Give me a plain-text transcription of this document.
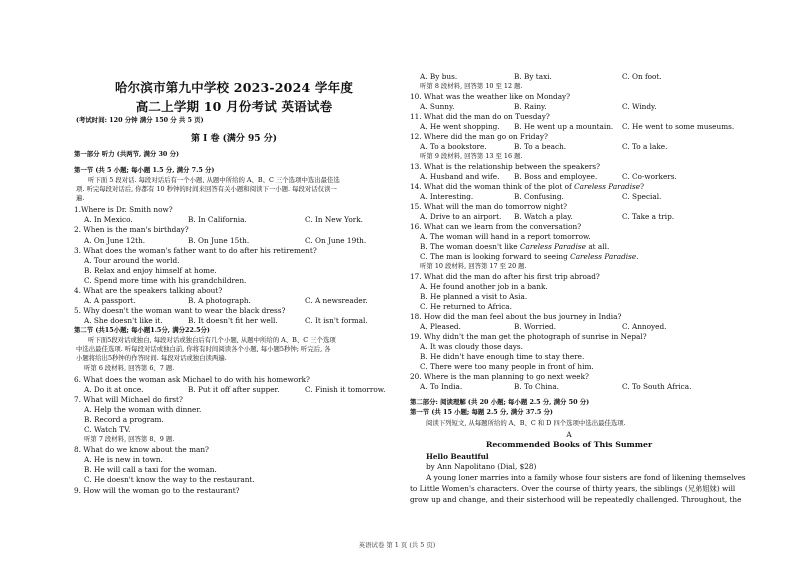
哈尔滨市第九中学校 2023-2024 学年度
高二上学期 10 月份考试 英语试卷
(考试时间: 120 分钟 满分 150 分 共 5 页)
第 I 卷 (满分 95 分)
第一部分 听力 (共两节, 满分 30 分)
第一节 (共 5 小题; 每小题 1.5 分, 满分 7.5 分)
听下面 5 段对话. 每段对话后有一个小题, 从题中所给的 A、B、C 三个选项中选出最佳选
项. 听完每段对话后, 你都有 10 秒钟的时间来回答有关小题和阅读下一小题. 每段对话仅读一
遍.
1.Where is Dr. Smith now?
A. In Mexico.	B. In California.	C. In New York.
2. When is the man's birthday?
A. On June 12th.	B. On June 15th.	C. On June 19th.
3. What does the woman's father want to do after his retirement?
A. Tour around the world.
B. Relax and enjoy himself at home.
C. Spend more time with his grandchildren.
4. What are the speakers talking about?
A. A passport.	B. A photograph.	C. A newsreader.
5. Why doesn't the woman want to wear the black dress?
A. She doesn't like it.	B. It doesn't fit her well.	C. It isn't formal.
第二节 (共15小题; 每小题1.5分, 满分22.5分)
听下面5段对话或独白, 每段对话或独白后有几个小题, 从题中所给的 A、B、C 三个选项
中选出最佳选项. 听每段对话或独白前, 你将有时间阅读各个小题, 每小题5秒钟; 听完后, 各
小题将给出5秒钟的作答时间. 每段对话或独白读两遍.
听第 6 段材料, 回答第 6、7 题.
6. What does the woman ask Michael to do with his homework?
A. Do it at once.	B. Put it off after supper.	C. Finish it tomorrow.
7. What will Michael do first?
A. Help the woman with dinner.
B. Record a program.
C. Watch TV.
听第 7 段材料, 回答第 8、9 题.
8. What do we know about the man?
A. He is new in town.
B. He will call a taxi for the woman.
C. He doesn't know the way to the restaurant.
9. How will the woman go to the restaurant?
A. By bus.	B. By taxi.	C. On foot.
听第 8 段材料, 回答第 10 至 12 题.
10. What was the weather like on Monday?
A. Sunny.	B. Rainy.	C. Windy.
11. What did the man do on Tuesday?
A. He went shopping. B. He went up a mountain. C. He went to some museums.
12. Where did the man go on Friday?
A. To a bookstore.	B. To a beach.	C. To a lake.
听第 9 段材料, 回答第 13 至 16 题.
13. What is the relationship between the speakers?
A. Husband and wife. B. Boss and employee.	C. Co-workers.
14. What did the woman think of the plot of Careless Paradise?
A. Interesting.	B. Confusing.	C. Special.
15. What will the man do tomorrow night?
A. Drive to an airport. B. Watch a play.	C. Take a trip.
16. What can we learn from the conversation?
A. The woman will hand in a report tomorrow.
B. The woman doesn't like Careless Paradise at all.
C. The man is looking forward to seeing Careless Paradise.
听第 10 段材料, 回答第 17 至 20 题.
17. What did the man do after his first trip abroad?
A. He found another job in a bank.
B. He planned a visit to Asia.
C. He returned to Africa.
18. How did the man feel about the bus journey in India?
A. Pleased.	B. Worried.	C. Annoyed.
19. Why didn't the man get the photograph of sunrise in Nepal?
A. It was cloudy those days.
B. He didn't have enough time to stay there.
C. There were too many people in front of him.
20. Where is the man planning to go next week?
A. To India.	B. To China.	C. To South Africa.
第二部分: 阅读理解 (共 20 小题; 每小题 2.5 分, 满分 50 分)
第一节 (共 15 小题; 每题 2.5 分, 满分 37.5 分)
阅读下列短文, 从每题所给的 A、B、C 和 D 四个选项中选出最佳选项.
A
Recommended Books of This Summer
Hello Beautiful
by Ann Napolitano (Dial, $28)
A young loner marries into a family whose four sisters are fond of likening themselves
to Little Women's characters. Over the course of thirty years, the siblings (兄弟姐妹) will
grow up and change, and their sisterhood will be repeatedly challenged. Throughout, the
英语试卷 第 1 页 (共 5 页)
